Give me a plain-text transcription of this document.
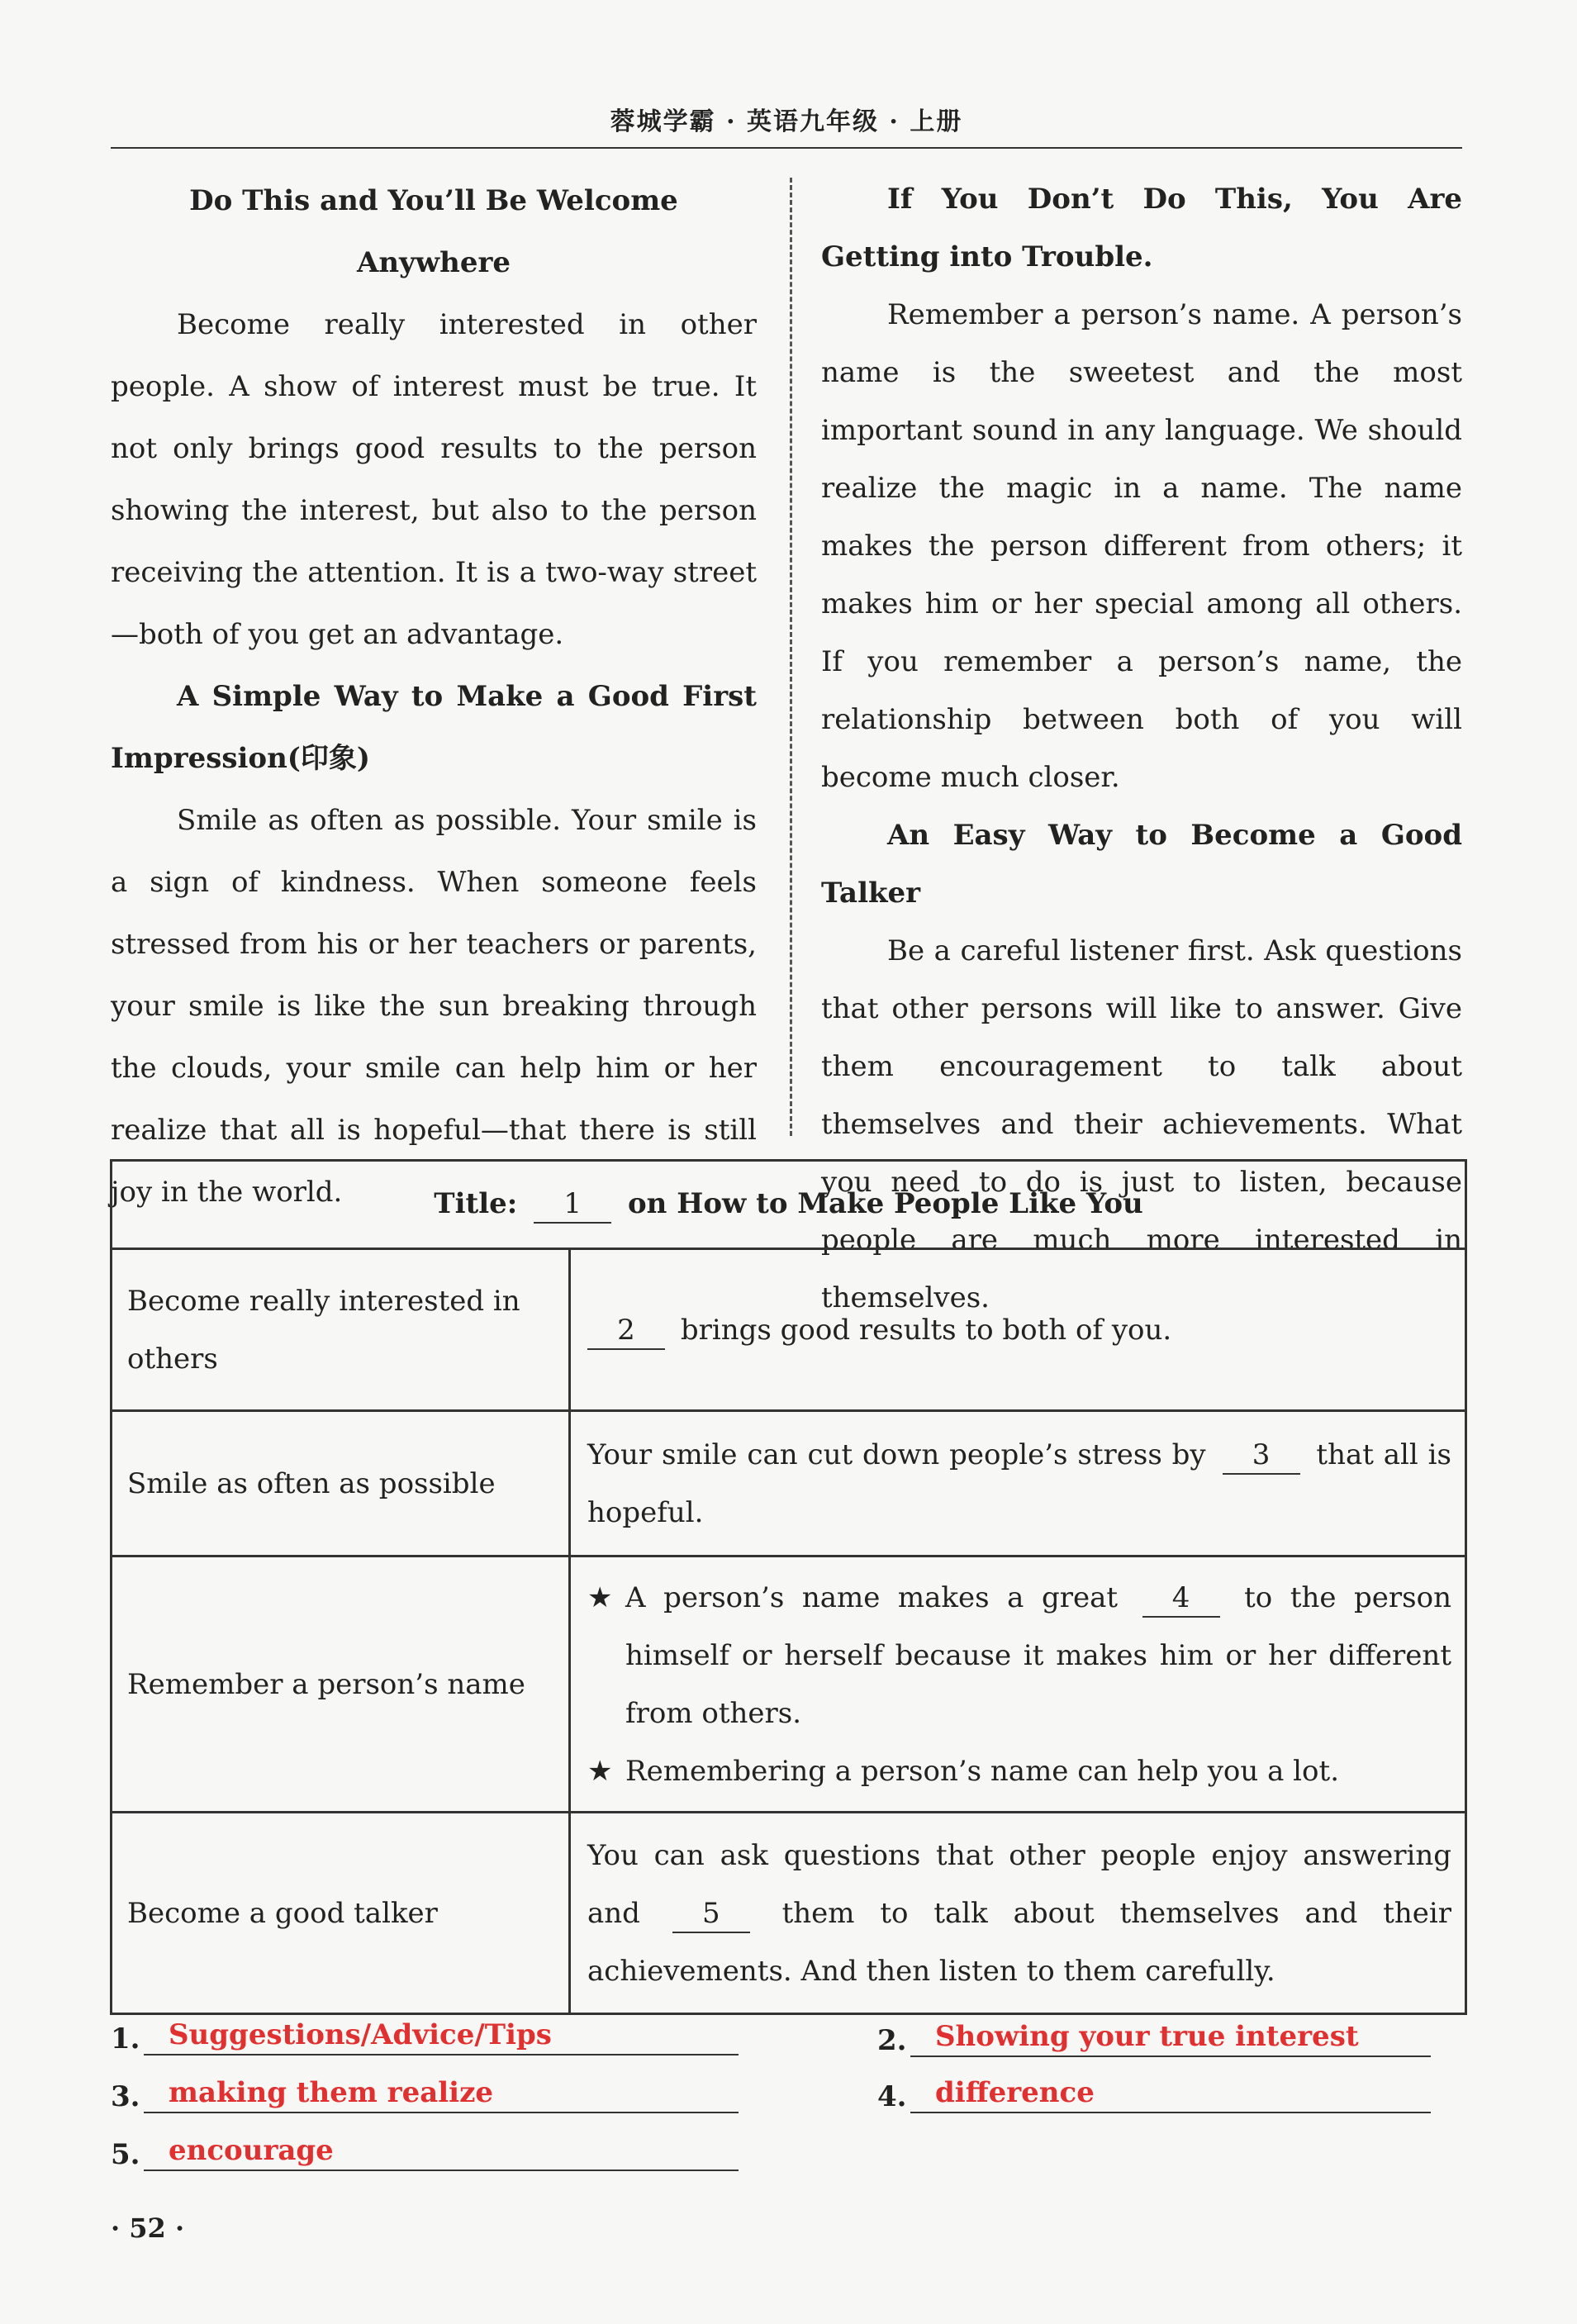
蓉城学霸 · 英语九年级 · 上册

Do This and You’ll Be Welcome Anywhere

Become really interested in other people. A show of interest must be true. It not only brings good results to the person showing the interest, but also to the person receiving the attention. It is a two-way street—both of you get an advantage.

A Simple Way to Make a Good First Impression(印象)

Smile as often as possible. Your smile is a sign of kindness. When someone feels stressed from his or her teachers or parents, your smile is like the sun breaking through the clouds, your smile can help him or her realize that all is hopeful—that there is still joy in the world.

If You Don’t Do This, You Are Getting into Trouble.

Remember a person’s name. A person’s name is the sweetest and the most important sound in any language. We should realize the magic in a name. The name makes the person different from others; it makes him or her special among all others. If you remember a person’s name, the relationship between both of you will become much closer.

An Easy Way to Become a Good Talker

Be a careful listener first. Ask questions that other persons will like to answer. Give them encouragement to talk about themselves and their achievements. What you need to do is just to listen, because people are much more interested in themselves.

Title: 1 on How to Make People Like You	
Become really interested in others	2 brings good results to both of you.
Smile as often as possible	Your smile can cut down people’s stress by 3 that all is hopeful.
Remember a person’s name	★ A person’s name makes a great 4 to the person himself or herself because it makes him or her different from others.
★ Remembering a person’s name can help you a lot.

Become a good talker	You can ask questions that other people enjoy answering and 5 them to talk about themselves and their achievements. And then listen to them carefully.
1.	Suggestions/Advice/Tips	2.	Showing your true interest
3.	making them realize	4.	difference
5.	encourage
· 52 ·
